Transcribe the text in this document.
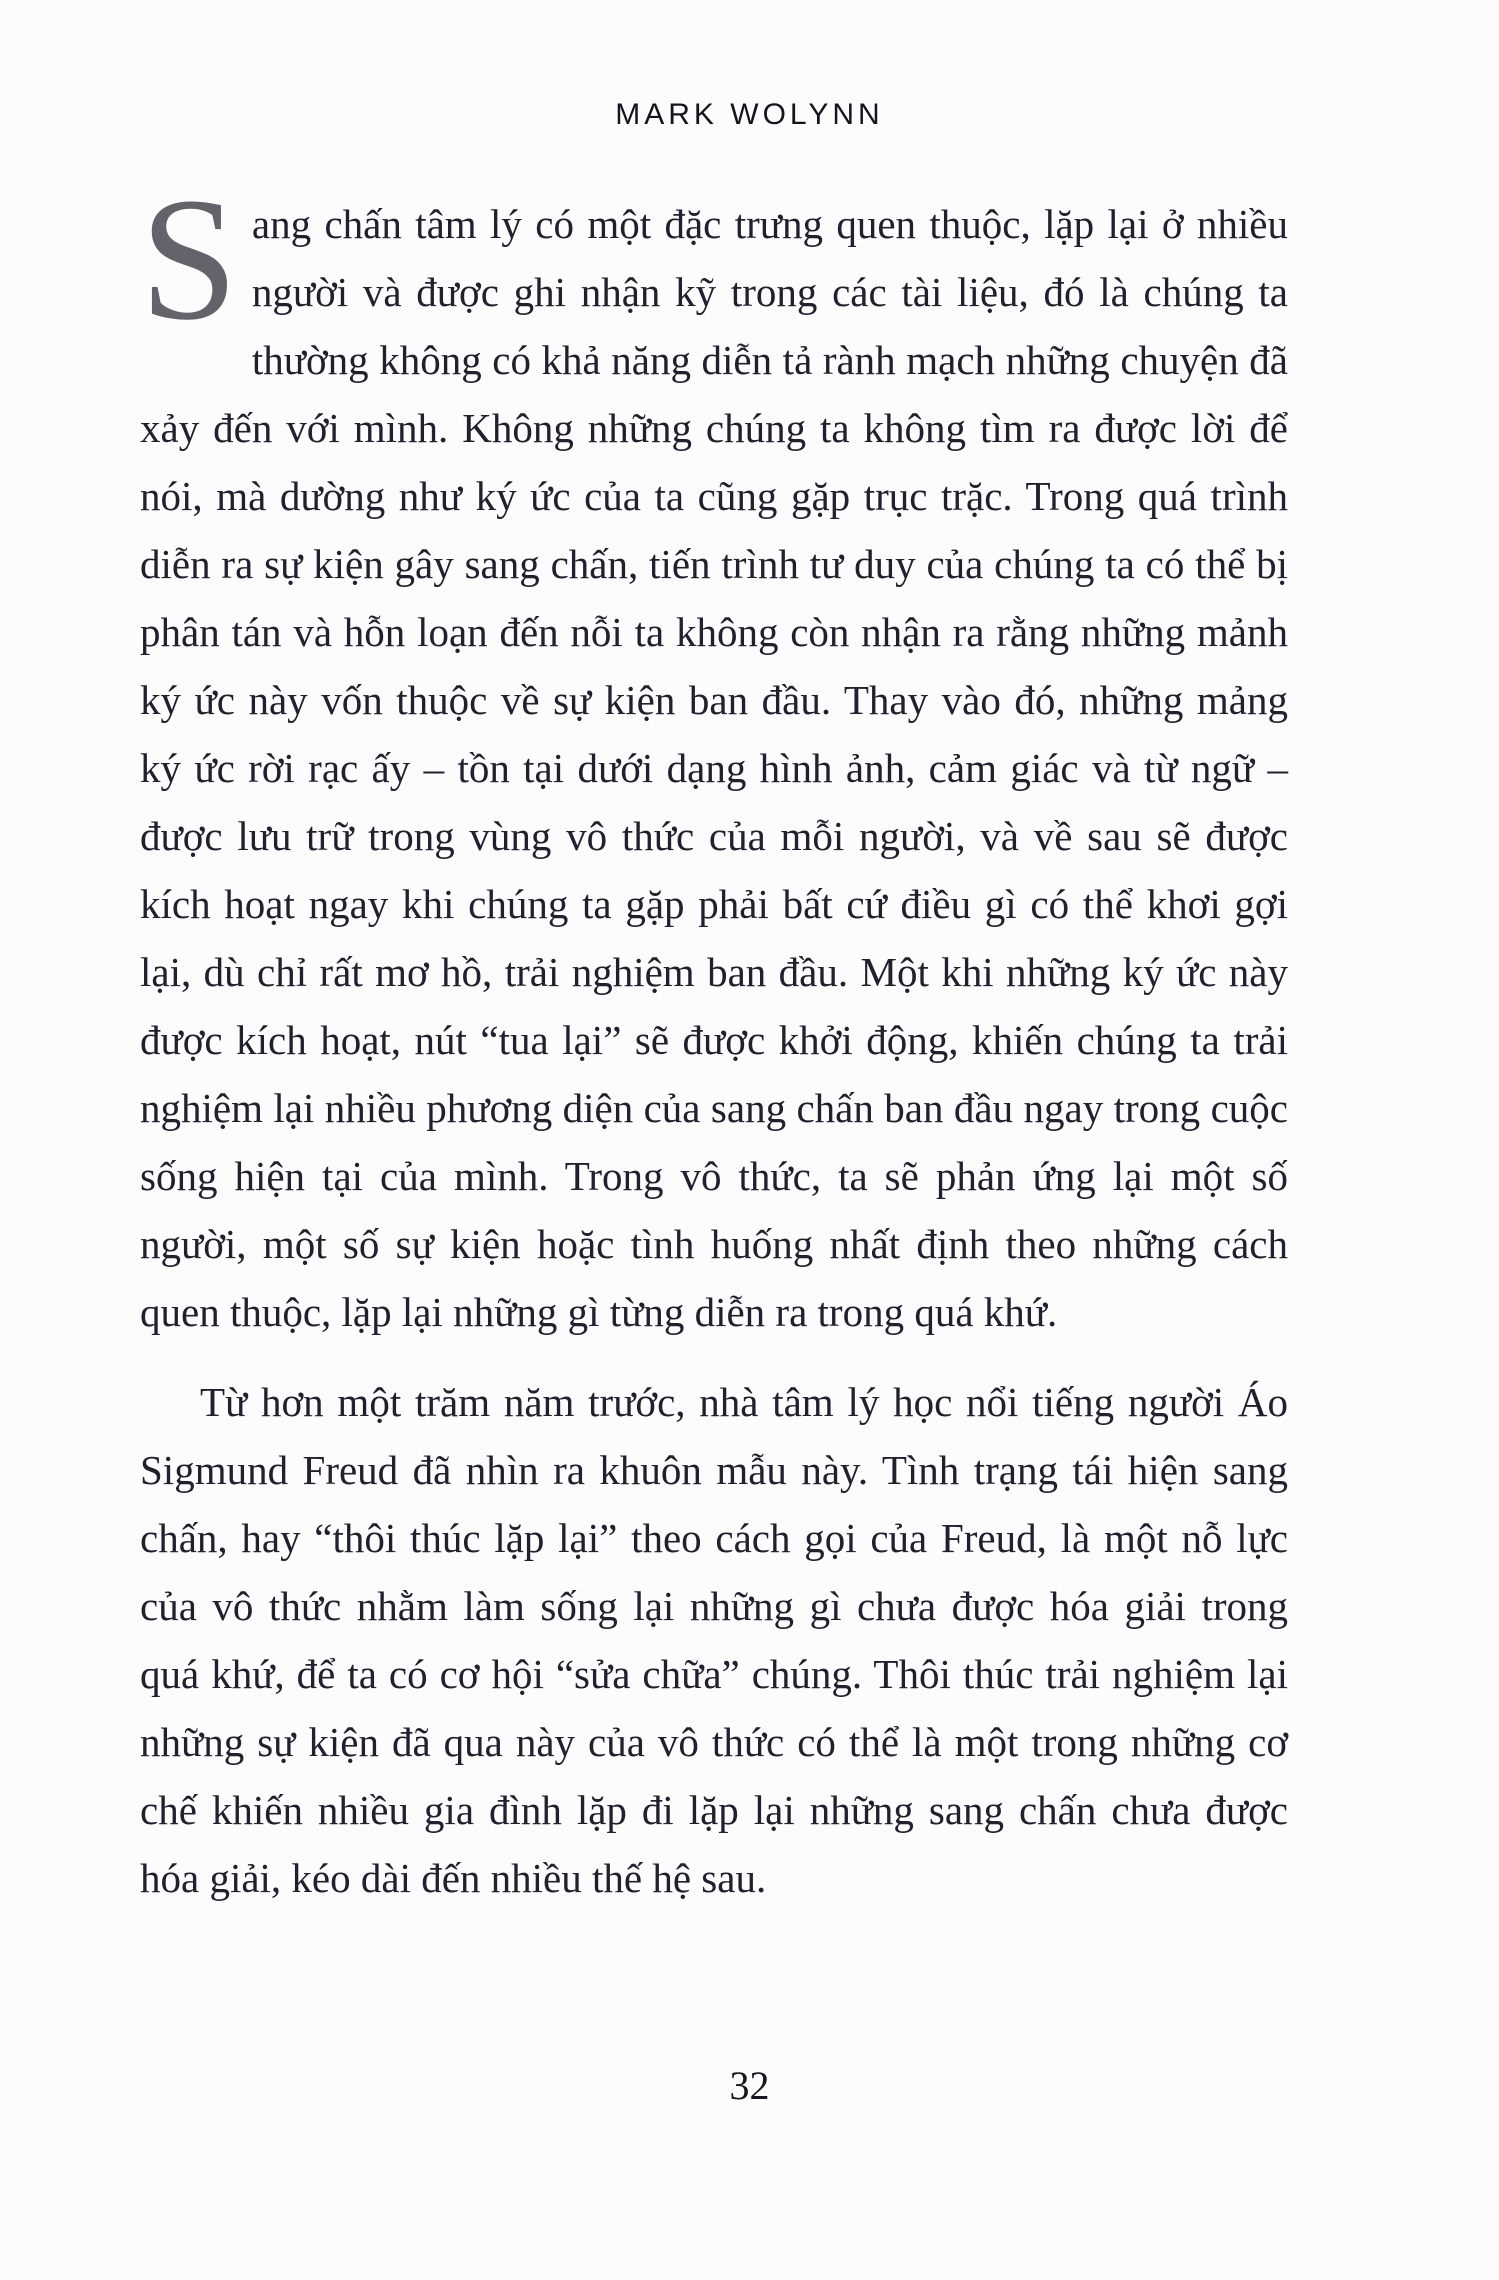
MARK WOLYNN

Sang chấn tâm lý có một đặc trưng quen thuộc, lặp lại ở nhiều người và được ghi nhận kỹ trong các tài liệu, đó là chúng ta thường không có khả năng diễn tả rành mạch những chuyện đã xảy đến với mình. Không những chúng ta không tìm ra được lời để nói, mà dường như ký ức của ta cũng gặp trục trặc. Trong quá trình diễn ra sự kiện gây sang chấn, tiến trình tư duy của chúng ta có thể bị phân tán và hỗn loạn đến nỗi ta không còn nhận ra rằng những mảnh ký ức này vốn thuộc về sự kiện ban đầu. Thay vào đó, những mảng ký ức rời rạc ấy – tồn tại dưới dạng hình ảnh, cảm giác và từ ngữ – được lưu trữ trong vùng vô thức của mỗi người, và về sau sẽ được kích hoạt ngay khi chúng ta gặp phải bất cứ điều gì có thể khơi gợi lại, dù chỉ rất mơ hồ, trải nghiệm ban đầu. Một khi những ký ức này được kích hoạt, nút “tua lại” sẽ được khởi động, khiến chúng ta trải nghiệm lại nhiều phương diện của sang chấn ban đầu ngay trong cuộc sống hiện tại của mình. Trong vô thức, ta sẽ phản ứng lại một số người, một số sự kiện hoặc tình huống nhất định theo những cách quen thuộc, lặp lại những gì từng diễn ra trong quá khứ.

Từ hơn một trăm năm trước, nhà tâm lý học nổi tiếng người Áo Sigmund Freud đã nhìn ra khuôn mẫu này. Tình trạng tái hiện sang chấn, hay “thôi thúc lặp lại” theo cách gọi của Freud, là một nỗ lực của vô thức nhằm làm sống lại những gì chưa được hóa giải trong quá khứ, để ta có cơ hội “sửa chữa” chúng. Thôi thúc trải nghiệm lại những sự kiện đã qua này của vô thức có thể là một trong những cơ chế khiến nhiều gia đình lặp đi lặp lại những sang chấn chưa được hóa giải, kéo dài đến nhiều thế hệ sau.

32
